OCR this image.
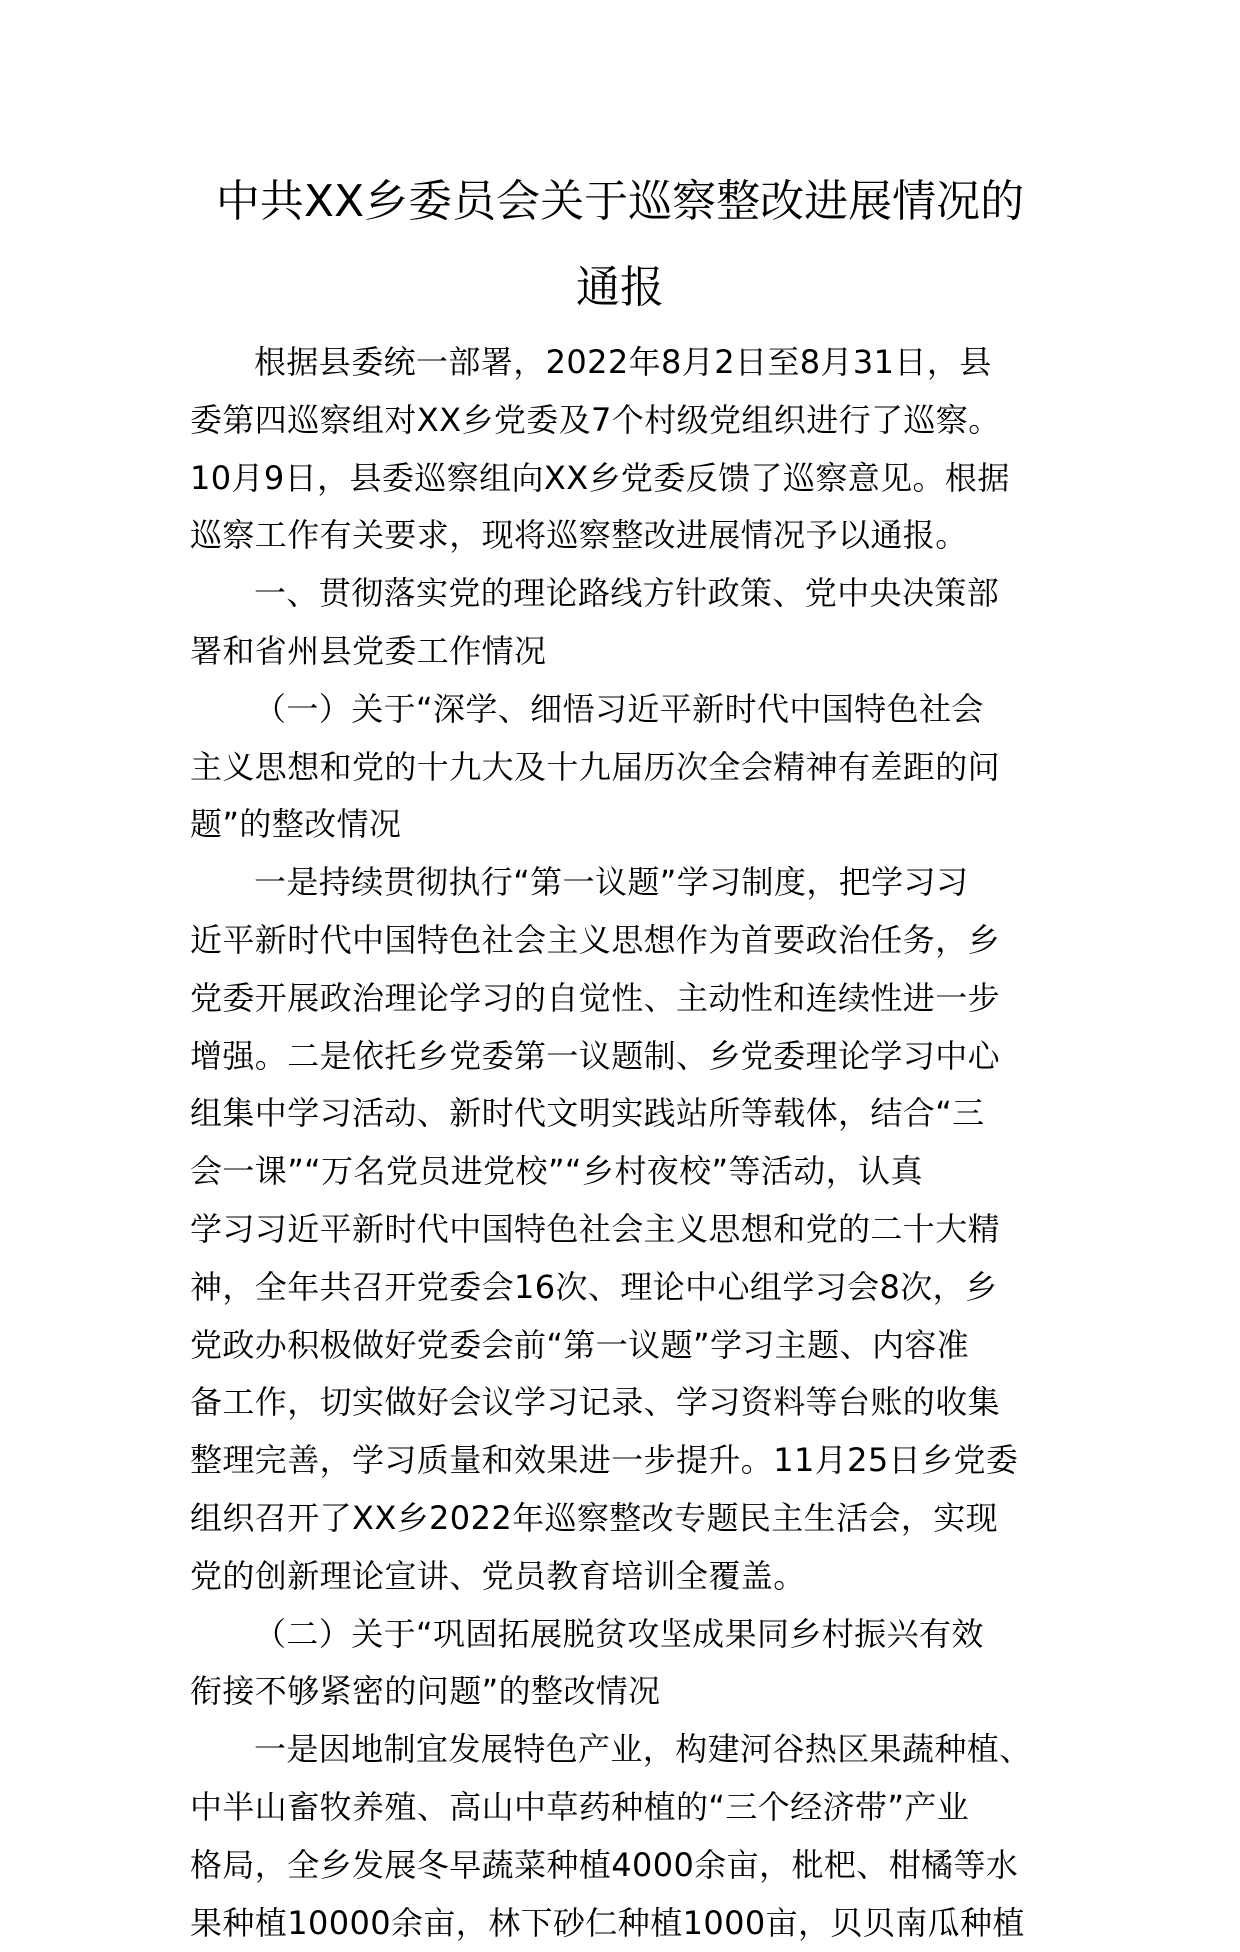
中共XX乡委员会关于巡察整改进展情况的
通报
根据县委统一部署，2022年8月2日至8月31日，县
委第四巡察组对XX乡党委及7个村级党组织进行了巡察。
10月9日，县委巡察组向XX乡党委反馈了巡察意见。根据
巡察工作有关要求，现将巡察整改进展情况予以通报。
一、贯彻落实党的理论路线方针政策、党中央决策部
署和省州县党委工作情况
（一）关于“深学、细悟习近平新时代中国特色社会
主义思想和党的十九大及十九届历次全会精神有差距的问
题”的整改情况
一是持续贯彻执行“第一议题”学习制度，把学习习
近平新时代中国特色社会主义思想作为首要政治任务，乡
党委开展政治理论学习的自觉性、主动性和连续性进一步
增强。二是依托乡党委第一议题制、乡党委理论学习中心
组集中学习活动、新时代文明实践站所等载体，结合“三
会一课”“万名党员进党校”“乡村夜校”等活动，认真
学习习近平新时代中国特色社会主义思想和党的二十大精
神，全年共召开党委会16次、理论中心组学习会8次，乡
党政办积极做好党委会前“第一议题”学习主题、内容准
备工作，切实做好会议学习记录、学习资料等台账的收集
整理完善，学习质量和效果进一步提升。11月25日乡党委
组织召开了XX乡2022年巡察整改专题民主生活会，实现
党的创新理论宣讲、党员教育培训全覆盖。
（二）关于“巩固拓展脱贫攻坚成果同乡村振兴有效
衔接不够紧密的问题”的整改情况
一是因地制宜发展特色产业，构建河谷热区果蔬种植、
中半山畜牧养殖、高山中草药种植的“三个经济带”产业
格局，全乡发展冬早蔬菜种植4000余亩，枇杷、柑橘等水
果种植10000余亩，林下砂仁种植1000亩，贝贝南瓜种植
